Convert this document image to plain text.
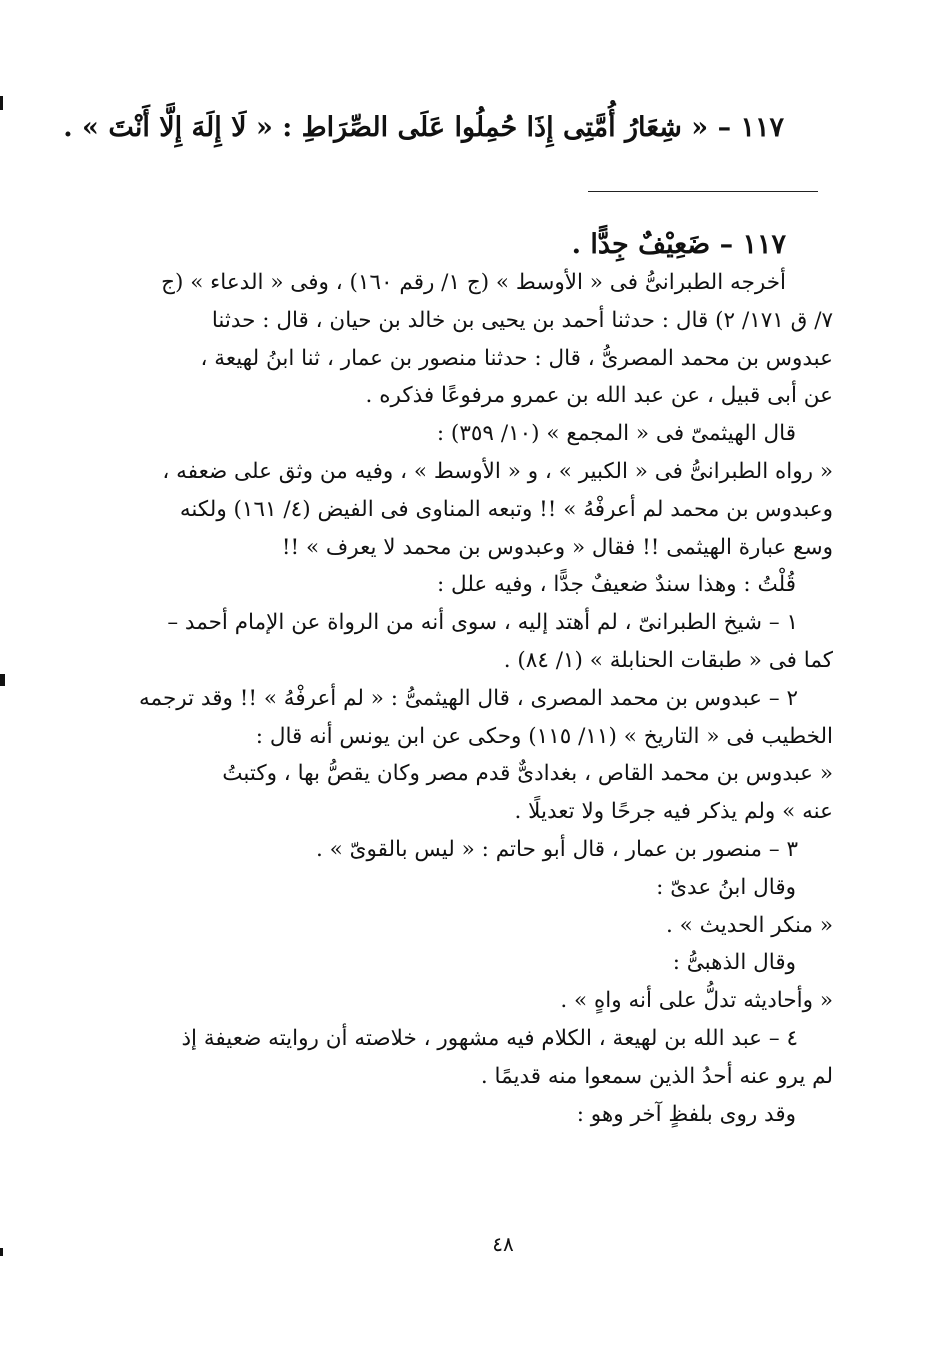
١١٧ – « شِعَارُ أُمَّتِى إِذَا حُمِلُوا عَلَى الصِّرَاطِ : « لَا إِلَهَ إِلَّا أَنْتَ » .
١١٧ – ضَعِيْفٌ جِدًّا .
أخرجه الطبرانیُّ فی « الأوسط » (ج ١/ رقم ١٦٠) ، وفی « الدعاء » (ج
٧/ ق ١٧١/ ٢) قال : حدثنا أحمد بن یحیى بن خالد بن حیان ، قال : حدثنا
عبدوس بن محمد المصریُّ ، قال : حدثنا منصور بن عمار ، ثنا ابنُ لهیعة ،
عن أبی قبیل ، عن عبد الله بن عمرو مرفوعًا فذكره .
قال الهیثمیّ فی « المجمع » (١٠/ ٣٥٩) :
« رواه الطبرانیُّ فی « الكبیر » ، و « الأوسط » ، وفیه من وثق على ضعفه ،
وعبدوس بن محمد لم أعرفْهُ » !! وتبعه المناوی فی الفیض (٤/ ١٦١) ولكنه
وسع عبارة الهیثمی !! فقال « وعبدوس بن محمد لا یعرف » !!
قُلْتُ : وهذا سندٌ ضعیفٌ جدًّا ، وفیه علل :
١ – شیخ الطبرانیّ ، لم أهتد إلیه ، سوى أنه من الرواة عن الإمام أحمد –
كما فی « طبقات الحنابلة » (١/ ٨٤) .
٢ – عبدوس بن محمد المصری ، قال الهیثمیُّ : « لم أعرفْهُ » !! وقد ترجمه
الخطیب فی « التاریخ » (١١/ ١١٥) وحكى عن ابن یونس أنه قال :
« عبدوس بن محمد القاص ، بغدادیٌّ قدم مصر وكان یقصُّ بها ، وكتبتُ
عنه » ولم یذكر فیه جرحًا ولا تعدیلًا .
٣ – منصور بن عمار ، قال أبو حاتم : « لیس بالقویّ » .
وقال ابنُ عدیّ :
« منكر الحدیث » .
وقال الذهبیُّ :
« وأحادیثه تدلُّ على أنه واهٍ » .
٤ – عبد الله بن لهیعة ، الكلام فیه مشهور ، خلاصته أن روایته ضعیفة إذ
لم یرو عنه أحدُ الذین سمعوا منه قدیمًا .
وقد روى بلفظٍ آخر وهو :
٤٨
